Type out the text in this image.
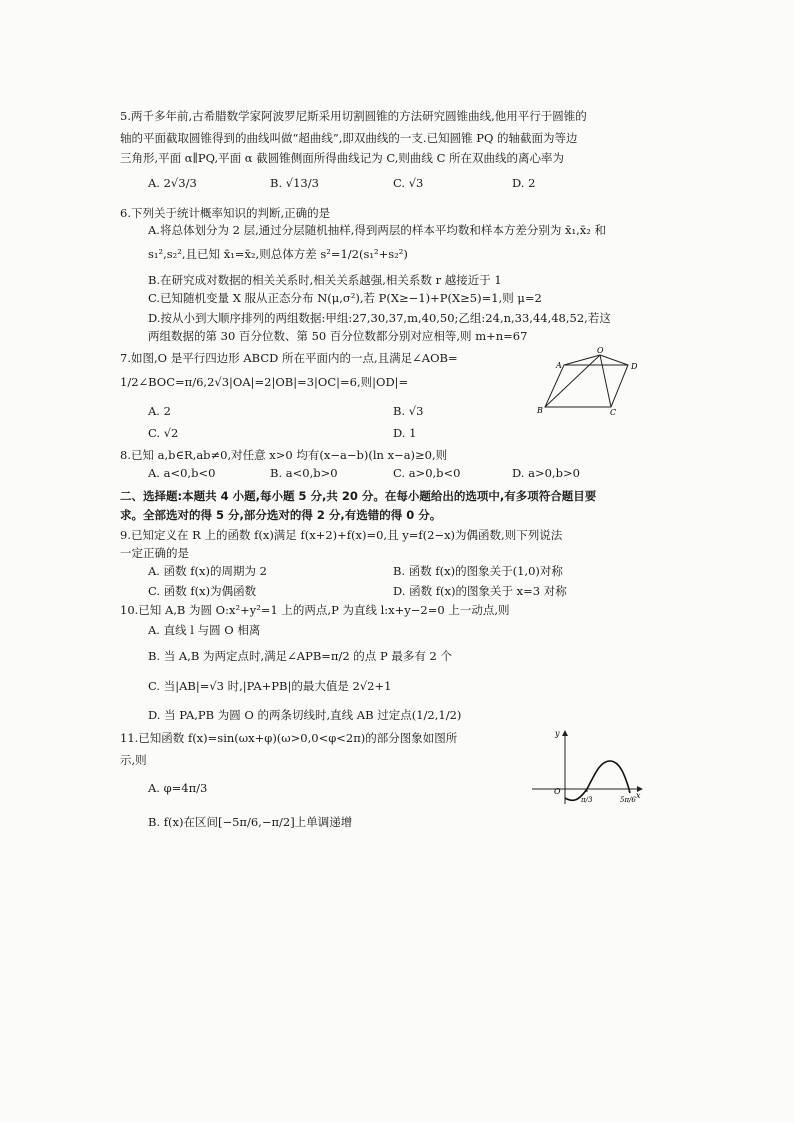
5.两千多年前,古希腊数学家阿波罗尼斯采用切割圆锥的方法研究圆锥曲线,他用平行于圆锥的
轴的平面截取圆锥得到的曲线叫做“超曲线”,即双曲线的一支.已知圆锥 PQ 的轴截面为等边
三角形,平面 α∥PQ,平面 α 截圆锥侧面所得曲线记为 C,则曲线 C 所在双曲线的离心率为
A. 2√3/3	B. √13/3	C. √3	D. 2
6.下列关于统计概率知识的判断,正确的是
A.将总体划分为 2 层,通过分层随机抽样,得到两层的样本平均数和样本方差分别为 x̄₁,x̄₂ 和
s₁²,s₂²,且已知 x̄₁=x̄₂,则总体方差 s²=1/2(s₁²+s₂²)
B.在研究成对数据的相关关系时,相关关系越强,相关系数 r 越接近于 1
C.已知随机变量 X 服从正态分布 N(μ,σ²),若 P(X≥−1)+P(X≥5)=1,则 μ=2
D.按从小到大顺序排列的两组数据:甲组:27,30,37,m,40,50;乙组:24,n,33,44,48,52,若这
两组数据的第 30 百分位数、第 50 百分位数都分别对应相等,则 m+n=67
7.如图,O 是平行四边形 ABCD 所在平面内的一点,且满足∠AOB=
1/2∠BOC=π/6,2√3|OA|=2|OB|=3|OC|=6,则|OD|=
A. 2	B. √3
C. √2	D. 1
A
O
D
B	C
8.已知 a,b∈R,ab≠0,对任意 x>0 均有(x−a−b)(ln x−a)≥0,则
A. a<0,b<0	B. a<0,b>0	C. a>0,b<0	D. a>0,b>0
二、选择题:本题共 4 小题,每小题 5 分,共 20 分。在每小题给出的选项中,有多项符合题目要
求。全部选对的得 5 分,部分选对的得 2 分,有选错的得 0 分。
9.已知定义在 R 上的函数 f(x)满足 f(x+2)+f(x)=0,且 y=f(2−x)为偶函数,则下列说法
一定正确的是
A. 函数 f(x)的周期为 2	B. 函数 f(x)的图象关于(1,0)对称
C. 函数 f(x)为偶函数	D. 函数 f(x)的图象关于 x=3 对称
10.已知 A,B 为圆 O:x²+y²=1 上的两点,P 为直线 l:x+y−2=0 上一动点,则
A. 直线 l 与圆 O 相离
B. 当 A,B 为两定点时,满足∠APB=π/2 的点 P 最多有 2 个
C. 当|AB|=√3 时,|PA+PB|的最大值是 2√2+1
D. 当 PA,PB 为圆 O 的两条切线时,直线 AB 过定点(1/2,1/2)
11.已知函数 f(x)=sin(ωx+φ)(ω>0,0<φ<2π)的部分图象如图所
示,则
A. φ=4π/3
B. f(x)在区间[−5π/6,−π/2]上单调递增
y
O	x
π/3	5π/6
